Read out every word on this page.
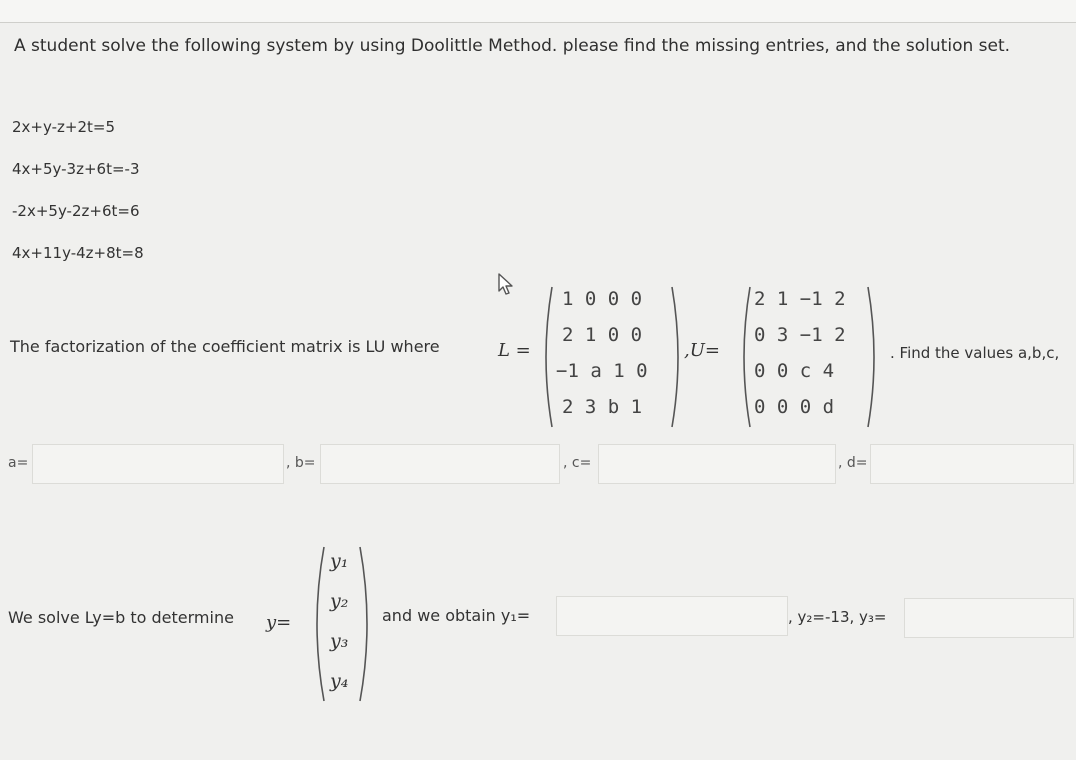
A student solve the following system by using Doolittle Method. please find the missing entries, and the solution set.
2x+y-z+2t=5
4x+5y-3z+6t=-3
-2x+5y-2z+6t=6
4x+11y-4z+8t=8
The factorization of the coefficient matrix is LU where	L =
1 0 0 0
2 1 0 0
−1 a 1 0
2 3 b 1
,U=
2 1 −1 2
0 3 −1 2
0 0 c 4
0 0 0 d
. Find the values a,b,c,
a=	, b=	, c=	, d=
We solve Ly=b to determine y=
y₁
y₂
y₃
y₄
and we obtain y₁=	, y₂=-13, y₃=
